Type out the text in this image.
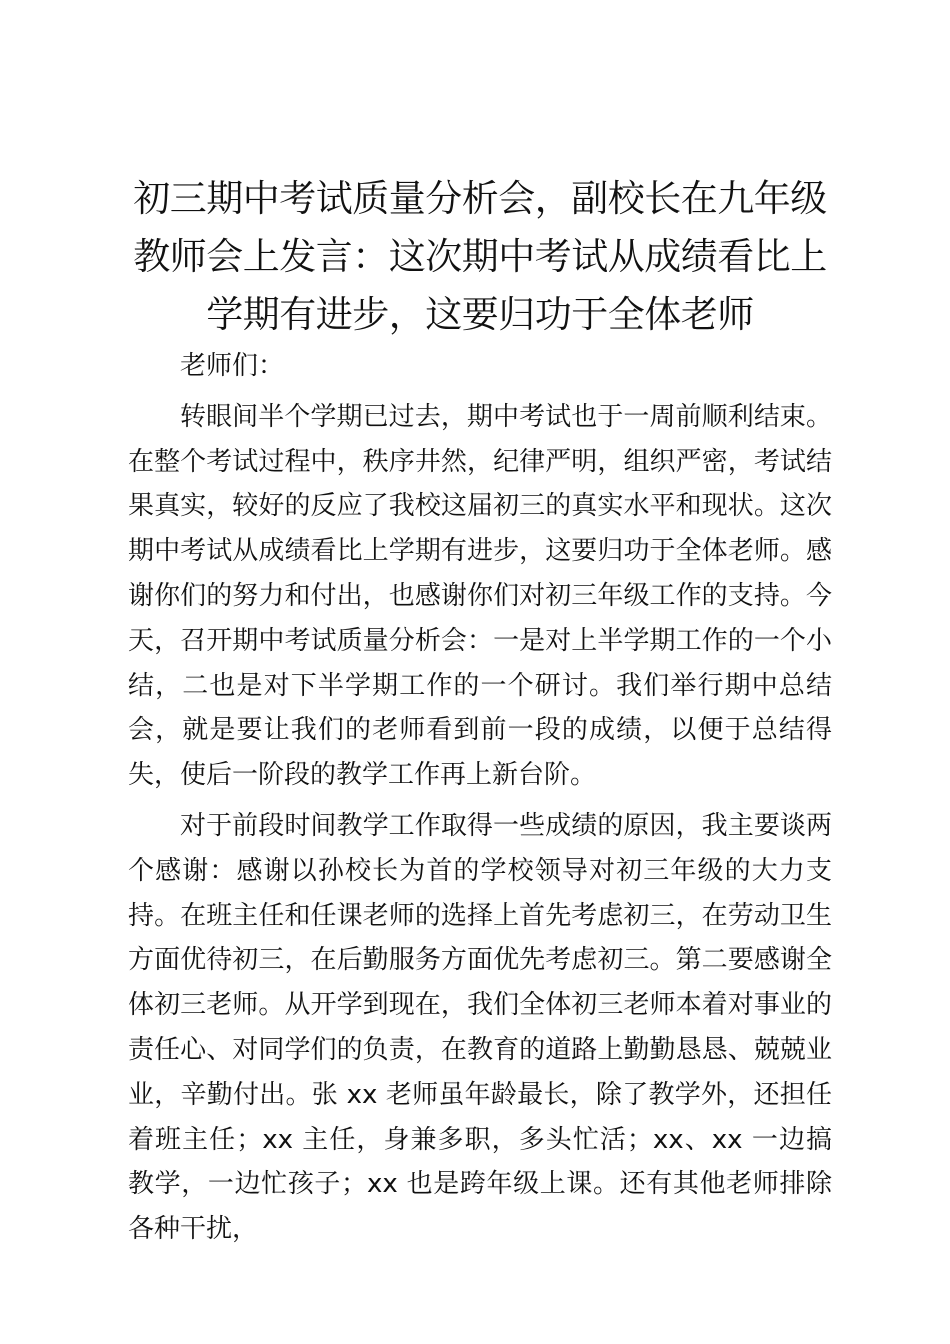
初三期中考试质量分析会，副校长在九年级教师会上发言：这次期中考试从成绩看比上学期有进步，这要归功于全体老师

老师们：

转眼间半个学期已过去，期中考试也于一周前顺利结束。在整个考试过程中，秩序井然，纪律严明，组织严密，考试结果真实，较好的反应了我校这届初三的真实水平和现状。这次期中考试从成绩看比上学期有进步，这要归功于全体老师。感谢你们的努力和付出，也感谢你们对初三年级工作的支持。今天，召开期中考试质量分析会：一是对上半学期工作的一个小结，二也是对下半学期工作的一个研讨。我们举行期中总结会，就是要让我们的老师看到前一段的成绩，以便于总结得失，使后一阶段的教学工作再上新台阶。

对于前段时间教学工作取得一些成绩的原因，我主要谈两个感谢：感谢以孙校长为首的学校领导对初三年级的大力支持。在班主任和任课老师的选择上首先考虑初三，在劳动卫生方面优待初三，在后勤服务方面优先考虑初三。第二要感谢全体初三老师。从开学到现在，我们全体初三老师本着对事业的责任心、对同学们的负责，在教育的道路上勤勤恳恳、兢兢业业，辛勤付出。张 xx 老师虽年龄最长，除了教学外，还担任着班主任；xx 主任，身兼多职，多头忙活；xx、xx 一边搞教学，一边忙孩子；xx 也是跨年级上课。还有其他老师排除各种干扰，
